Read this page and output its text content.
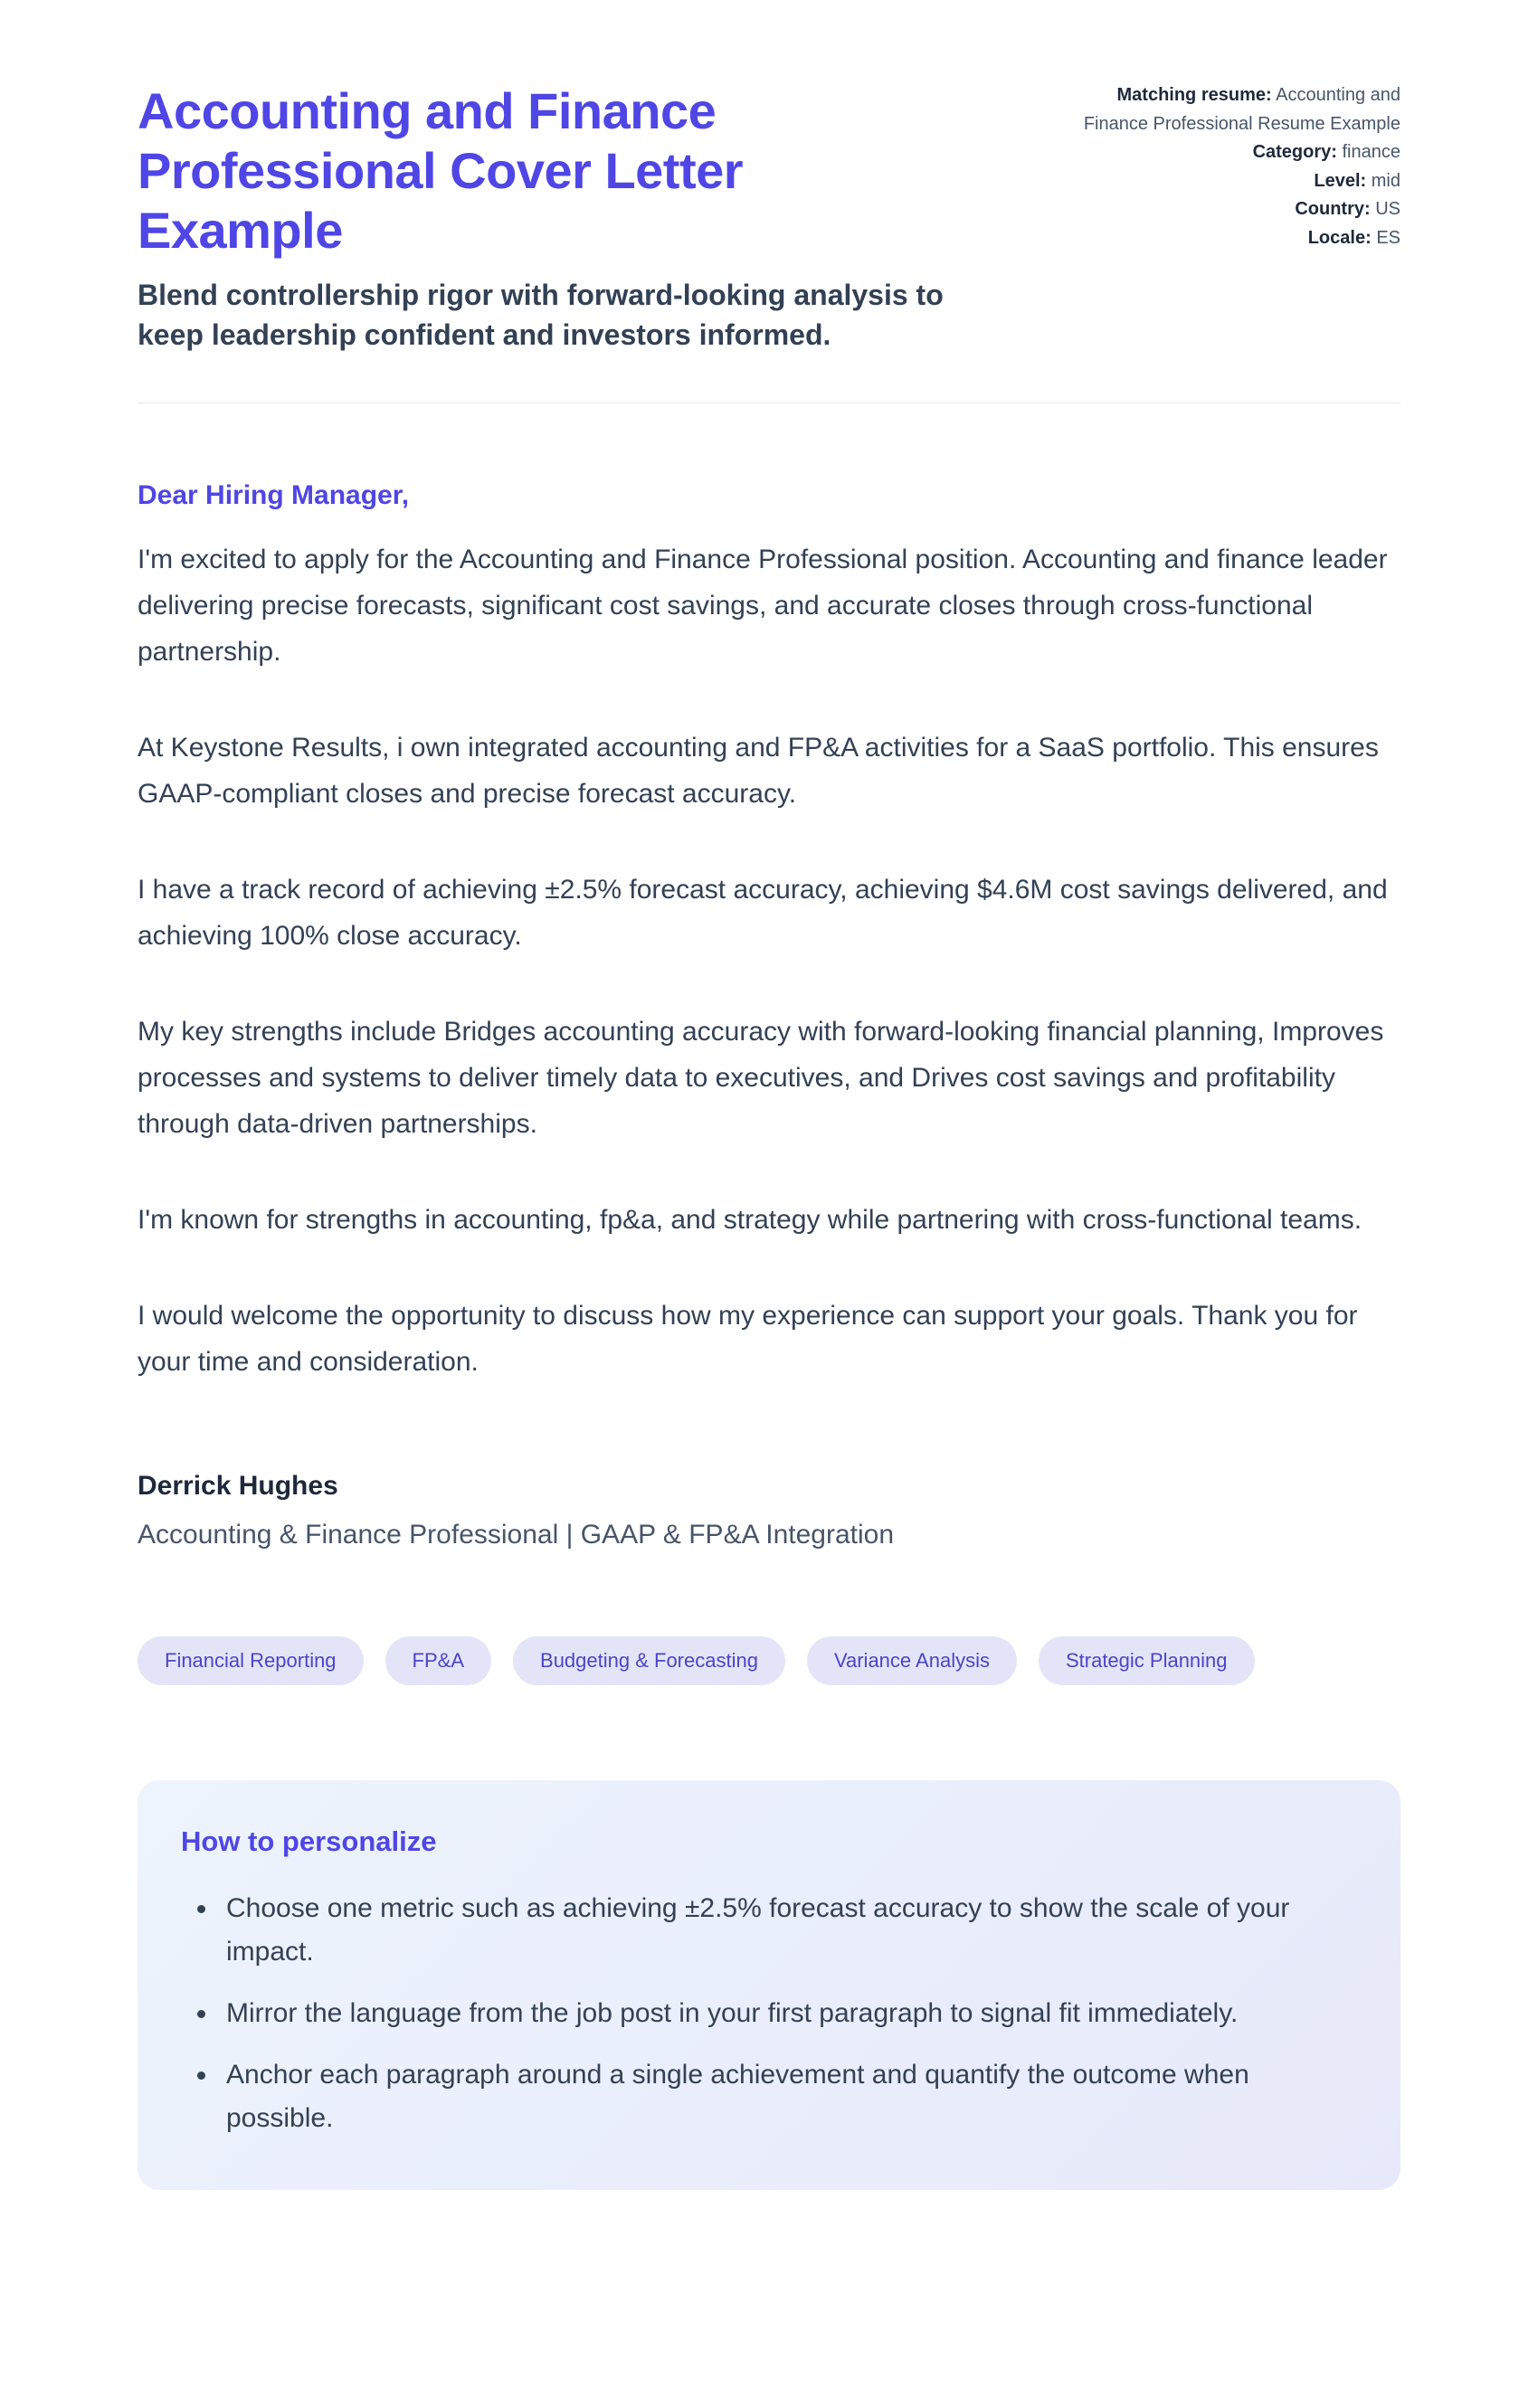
Accounting and Finance Professional Cover Letter Example

Blend controllership rigor with forward-looking analysis to keep leadership confident and investors informed.

Matching resume: Accounting and Finance Professional Resume Example
Category: finance
Level: mid
Country: US
Locale: ES

Dear Hiring Manager,

I'm excited to apply for the Accounting and Finance Professional position. Accounting and finance leader delivering precise forecasts, significant cost savings, and accurate closes through cross-functional partnership.

At Keystone Results, i own integrated accounting and FP&A activities for a SaaS portfolio. This ensures GAAP-compliant closes and precise forecast accuracy.

I have a track record of achieving ±2.5% forecast accuracy, achieving $4.6M cost savings delivered, and achieving 100% close accuracy.

My key strengths include Bridges accounting accuracy with forward-looking financial planning, Improves processes and systems to deliver timely data to executives, and Drives cost savings and profitability through data-driven partnerships.

I'm known for strengths in accounting, fp&a, and strategy while partnering with cross-functional teams.

I would welcome the opportunity to discuss how my experience can support your goals. Thank you for your time and consideration.

Derrick Hughes

Accounting & Finance Professional | GAAP & FP&A Integration

Financial Reporting	FP&A	Budgeting & Forecasting	Variance Analysis	Strategic Planning
How to personalize
• Choose one metric such as achieving ±2.5% forecast accuracy to show the scale of your impact.
• Mirror the language from the job post in your first paragraph to signal fit immediately.
• Anchor each paragraph around a single achievement and quantify the outcome when possible.
